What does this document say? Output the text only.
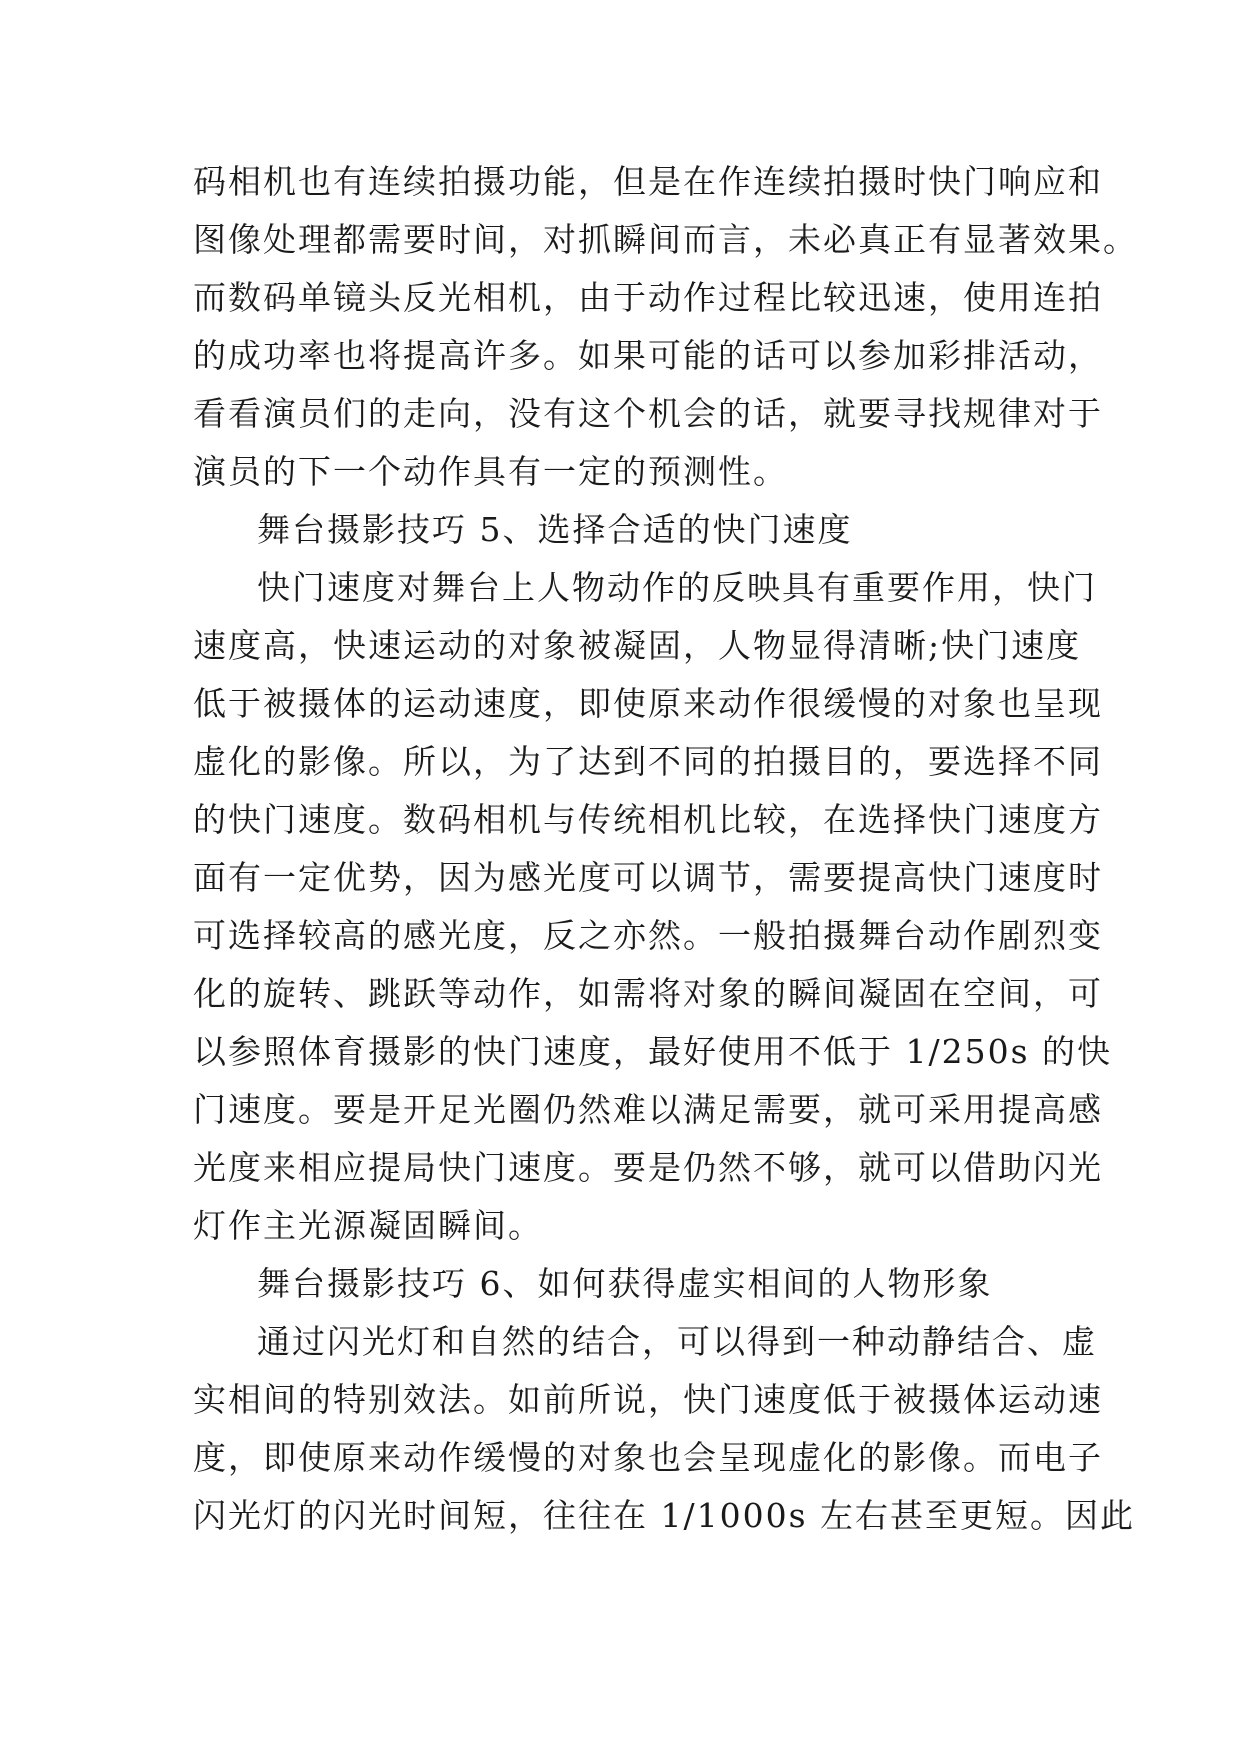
码相机也有连续拍摄功能，但是在作连续拍摄时快门响应和
图像处理都需要时间，对抓瞬间而言，未必真正有显著效果。
而数码单镜头反光相机，由于动作过程比较迅速，使用连拍
的成功率也将提高许多。如果可能的话可以参加彩排活动，
看看演员们的走向，没有这个机会的话，就要寻找规律对于
演员的下一个动作具有一定的预测性。
舞台摄影技巧 5、选择合适的快门速度
快门速度对舞台上人物动作的反映具有重要作用，快门
速度高，快速运动的对象被凝固，人物显得清晰;快门速度
低于被摄体的运动速度，即使原来动作很缓慢的对象也呈现
虚化的影像。所以，为了达到不同的拍摄目的，要选择不同
的快门速度。数码相机与传统相机比较，在选择快门速度方
面有一定优势，因为感光度可以调节，需要提高快门速度时
可选择较高的感光度，反之亦然。一般拍摄舞台动作剧烈变
化的旋转、跳跃等动作，如需将对象的瞬间凝固在空间，可
以参照体育摄影的快门速度，最好使用不低于 1/250s 的快
门速度。要是开足光圈仍然难以满足需要，就可采用提高感
光度来相应提局快门速度。要是仍然不够，就可以借助闪光
灯作主光源凝固瞬间。
舞台摄影技巧 6、如何获得虚实相间的人物形象
通过闪光灯和自然的结合，可以得到一种动静结合、虚
实相间的特别效法。如前所说，快门速度低于被摄体运动速
度，即使原来动作缓慢的对象也会呈现虚化的影像。而电子
闪光灯的闪光时间短，往往在 1/1000s 左右甚至更短。因此
